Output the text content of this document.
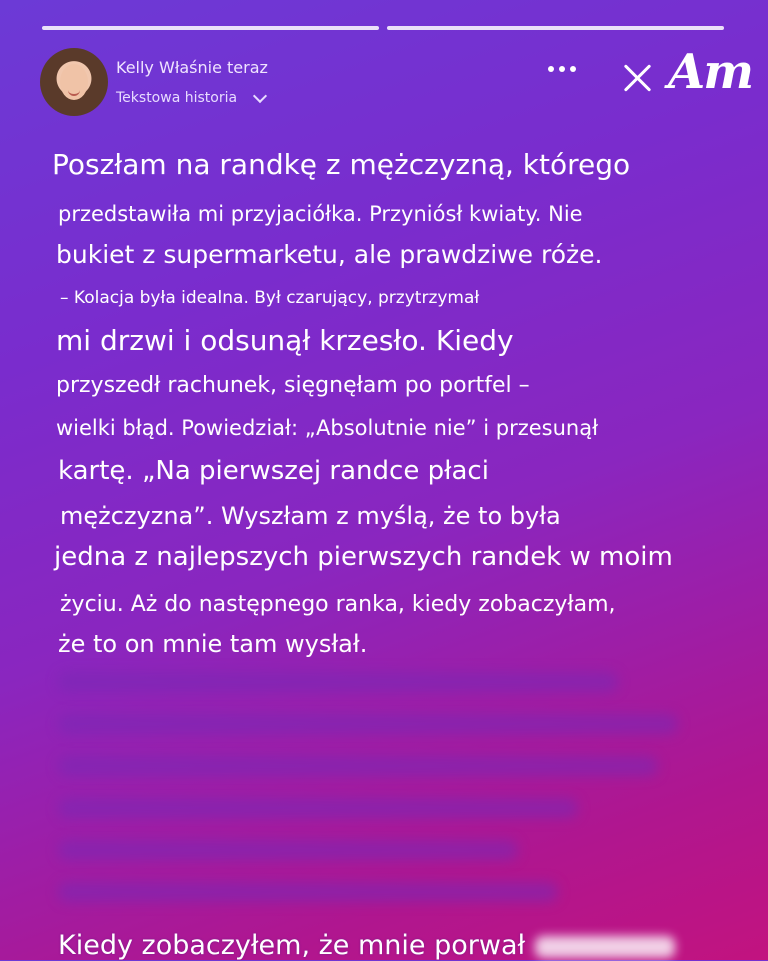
Kelly Właśnie teraz
Tekstowa historia	Am
Poszłam na randkę z mężczyzną, którego
przedstawiła mi przyjaciółka. Przyniósł kwiaty. Nie
bukiet z supermarketu, ale prawdziwe róże.
– Kolacja była idealna. Był czarujący, przytrzymał
mi drzwi i odsunął krzesło. Kiedy
przyszedł rachunek, sięgnęłam po portfel –
wielki błąd. Powiedział: „Absolutnie nie” i przesunął
kartę. „Na pierwszej randce płaci
mężczyzna”. Wyszłam z myślą, że to była
jedna z najlepszych pierwszych randek w moim
życiu. Aż do następnego ranka, kiedy zobaczyłam,
że to on mnie tam wysłał.
Kiedy zobaczyłem, że mnie porwał
